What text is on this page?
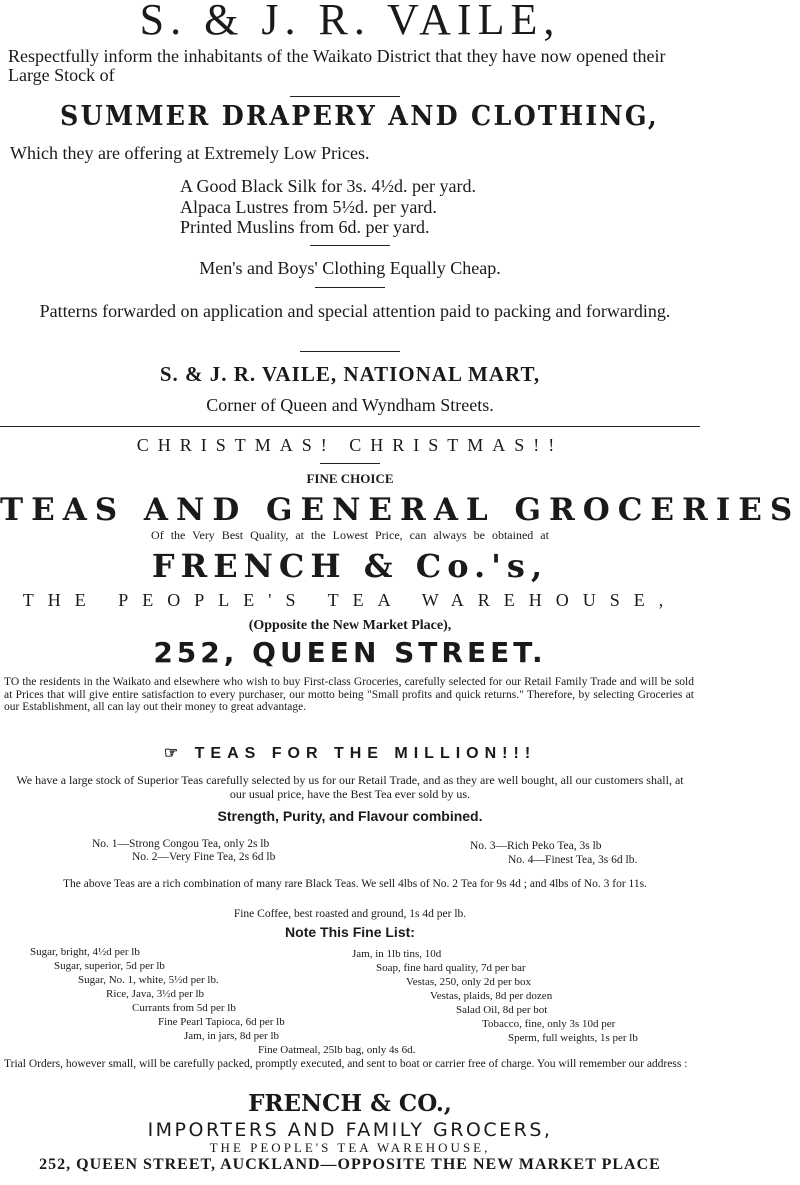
S. & J. R. VAILE,
Respectfully inform the inhabitants of the Waikato District that they have now opened their Large Stock of
SUMMER DRAPERY AND CLOTHING,
Which they are offering at Extremely Low Prices.
A Good Black Silk for 3s. 4½d. per yard.
Alpaca Lustres from 5½d. per yard.
Printed Muslins from 6d. per yard.
Men's and Boys' Clothing Equally Cheap.
Patterns forwarded on application and special attention paid to packing and forwarding.
S. & J. R. VAILE, NATIONAL MART,
Corner of Queen and Wyndham Streets.
CHRISTMAS! CHRISTMAS!!
FINE CHOICE
TEAS AND GENERAL GROCERIES
Of the Very Best Quality, at the Lowest Price, can always be obtained at
FRENCH & Co.'s,
THE PEOPLE'S TEA WAREHOUSE,
(Opposite the New Market Place),
252, QUEEN STREET.
TO the residents in the Waikato and elsewhere who wish to buy First-class Groceries, carefully selected for our Retail Family Trade and will be sold at Prices that will give entire satisfaction to every purchaser, our motto being "Small profits and quick returns." Therefore, by selecting Groceries at our Establishment, all can lay out their money to great advantage.
☞ TEAS FOR THE MILLION!!!
We have a large stock of Superior Teas carefully selected by us for our Retail Trade, and as they are well bought, all our customers shall, at our usual price, have the Best Tea ever sold by us.
Strength, Purity, and Flavour combined.
No. 1—Strong Congou Tea, only 2s lb
No. 2—Very Fine Tea, 2s 6d lb
No. 3—Rich Peko Tea, 3s lb
No. 4—Finest Tea, 3s 6d lb.
The above Teas are a rich combination of many rare Black Teas. We sell 4lbs of No. 2 Tea for 9s 4d ; and 4lbs of No. 3 for 11s.
Fine Coffee, best roasted and ground, 1s 4d per lb.
Note This Fine List:
Sugar, bright, 4½d per lb
Sugar, superior, 5d per lb
Sugar, No. 1, white, 5½d per lb.
Rice, Java, 3½d per lb
Currants from 5d per lb
Fine Pearl Tapioca, 6d per lb
Jam, in jars, 8d per lb
Fine Oatmeal, 25lb bag, only 4s 6d.
Jam, in 1lb tins, 10d
Soap, fine hard quality, 7d per bar
Vestas, 250, only 2d per box
Vestas, plaids, 8d per dozen
Salad Oil, 8d per bot
Tobacco, fine, only 3s 10d per
Sperm, full weights, 1s per lb
Trial Orders, however small, will be carefully packed, promptly executed, and sent to boat or carrier free of charge. You will remember our address :
FRENCH & CO.,
IMPORTERS AND FAMILY GROCERS,
THE PEOPLE'S TEA WAREHOUSE,
252, QUEEN STREET, AUCKLAND—OPPOSITE THE NEW MARKET PLACE
